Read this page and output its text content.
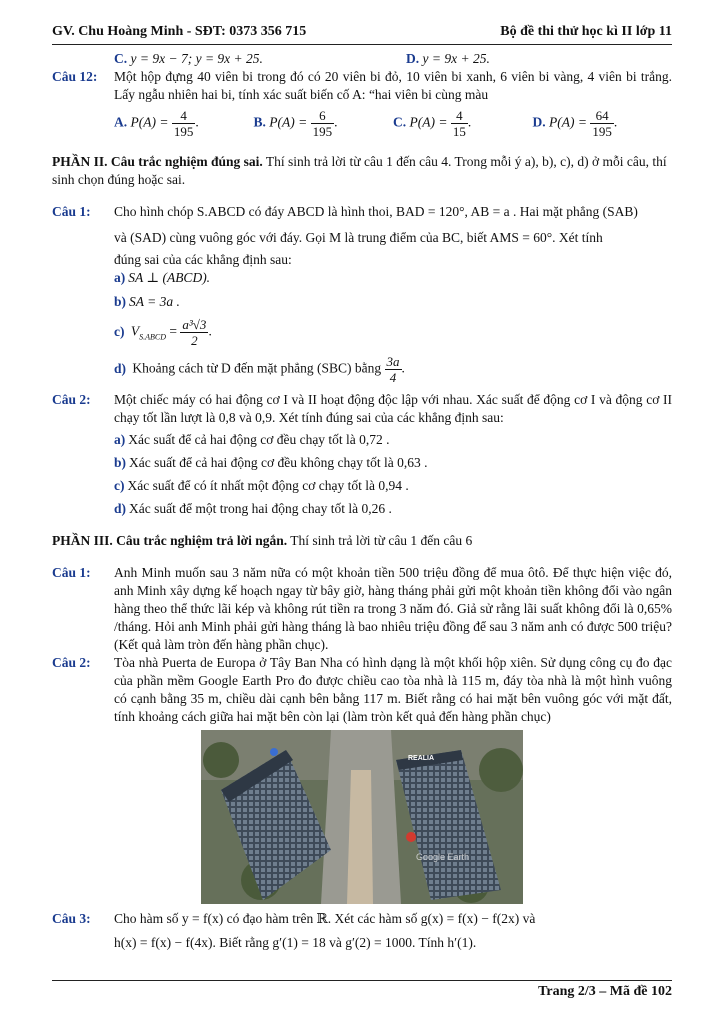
GV. Chu Hoàng Minh - SĐT: 0373 356 715	Bộ đề thi thử học kì II lớp 11
C. y = 9x − 7; y = 9x + 25.	D. y = 9x + 25.
Câu 12:	Một hộp đựng 40 viên bi trong đó có 20 viên bi đỏ, 10 viên bi xanh, 6 viên bi vàng, 4 viên bi trắng. Lấy ngẫu nhiên hai bi, tính xác suất biến cố A: “hai viên bi cùng màu
A. $P(A) = \frac{4}{195}$ .	B. $P(A) = \frac{6}{195}$ .	C. $P(A) = \frac{4}{15}$ .	D. $P(A) = \frac{64}{195}$ .
PHẦN II. Câu trắc nghiệm đúng sai. Thí sinh trả lời từ câu 1 đến câu 4. Trong mỗi ý a), b), c), d) ở mỗi câu, thí sinh chọn đúng hoặc sai.
Câu 1:	Cho hình chóp S.ABCD có đáy ABCD là hình thoi, BAD = 120°, AB = a . Hai mặt phẳng (SAB)
và (SAD) cùng vuông góc với đáy. Gọi M là trung điểm của BC, biết AMS = 60°. Xét tính
đúng sai của các khẳng định sau:
a) SA ⊥ (ABCD).
b) SA = 3a .
c) $V_{S.ABCD} = \frac{\text{a³√3}}{2}$ .
d) Khoảng cách từ D đến mặt phẳng (SBC) bằng $\frac{3a}{4}$ .
Câu 2:	Một chiếc máy có hai động cơ I và II hoạt động độc lập với nhau. Xác suất để động cơ I và động cơ II chạy tốt lần lượt là 0,8 và 0,9. Xét tính đúng sai của các khẳng định sau:
a) Xác suất để cả hai động cơ đều chạy tốt là 0,72 .
b) Xác suất để cả hai động cơ đều không chạy tốt là 0,63 .
c) Xác suất để có ít nhất một động cơ chạy tốt là 0,94 .
d) Xác suất để một trong hai động chay tốt là 0,26 .
PHẦN III. Câu trắc nghiệm trả lời ngắn. Thí sinh trả lời từ câu 1 đến câu 6
Câu 1:	Anh Minh muốn sau 3 năm nữa có một khoản tiền 500 triệu đồng để mua ôtô. Để thực hiện việc đó, anh Minh xây dựng kế hoạch ngay từ bây giờ, hàng tháng phải gửi một khoản tiền không đổi vào ngân hàng theo thể thức lãi kép và không rút tiền ra trong 3 năm đó. Giả sử rằng lãi suất không đổi là 0,65% /tháng. Hỏi anh Minh phải gửi hàng tháng là bao nhiêu triệu đồng để sau 3 năm anh có được 500 triệu? (Kết quả làm tròn đến hàng phần chục).
Câu 2:	Tòa nhà Puerta de Europa ở Tây Ban Nha có hình dạng là một khối hộp xiên. Sử dụng công cụ đo đạc của phần mềm Google Earth Pro đo được chiều cao tòa nhà là 115 m, đáy tòa nhà là một hình vuông có cạnh bằng 35 m, chiều dài cạnh bên bằng 117 m. Biết rằng có hai mặt bên vuông góc với mặt đất, tính khoảng cách giữa hai mặt bên còn lại (làm tròn kết quả đến hàng phần chục)
REALIA
Google Earth
Câu 3:	Cho hàm số y = f(x) có đạo hàm trên ℝ. Xét các hàm số g(x) = f(x) − f(2x) và
h(x) = f(x) − f(4x). Biết rằng g′(1) = 18 và g′(2) = 1000. Tính h′(1).
Trang 2/3 – Mã đề 102
